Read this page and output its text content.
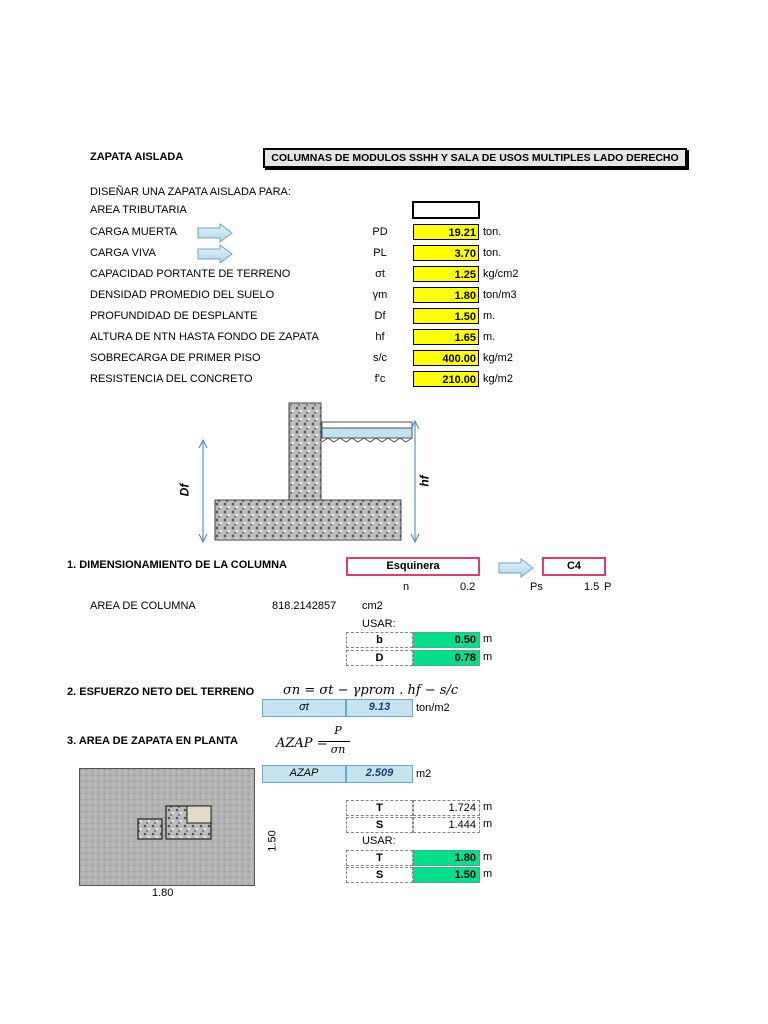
ZAPATA AISLADA	COLUMNAS DE MODULOS SSHH Y SALA DE USOS MULTIPLES LADO DERECHO
DISEÑAR UNA ZAPATA AISLADA PARA:
AREA TRIBUTARIA
CARGA MUERTA	PD	19.21 ton.
CARGA VIVA	PL	3.70 ton.
CAPACIDAD PORTANTE DE TERRENO	σt	1.25 kg/cm2
DENSIDAD PROMEDIO DEL SUELO	γm	1.80 ton/m3
PROFUNDIDAD DE DESPLANTE	Df	1.50 m.
ALTURA DE NTN HASTA FONDO DE ZAPATA	hf	1.65 m.
SOBRECARGA DE PRIMER PISO	s/c	400.00 kg/m2
RESISTENCIA DEL CONCRETO	f'c	210.00 kg/m2
Df
hf
1. DIMENSIONAMIENTO DE LA COLUMNA	Esquinera	C4
n	0.2	Ps	1.5 P
AREA DE COLUMNA	818.2142857 cm2
USAR:
b	0.50 m
D	0.78 m
2. ESFUERZO NETO DEL TERRENO σn = σt − γprom . hf − s/c
σt	9.13	ton/m2
3. AREA DE ZAPATA EN PLANTA	AZAP =
P
σn
AZAP	2.509	m2
T	1.724 m
S	1.444 m
USAR:
T	1.80 m
S	1.50 m
1.80
1.50
